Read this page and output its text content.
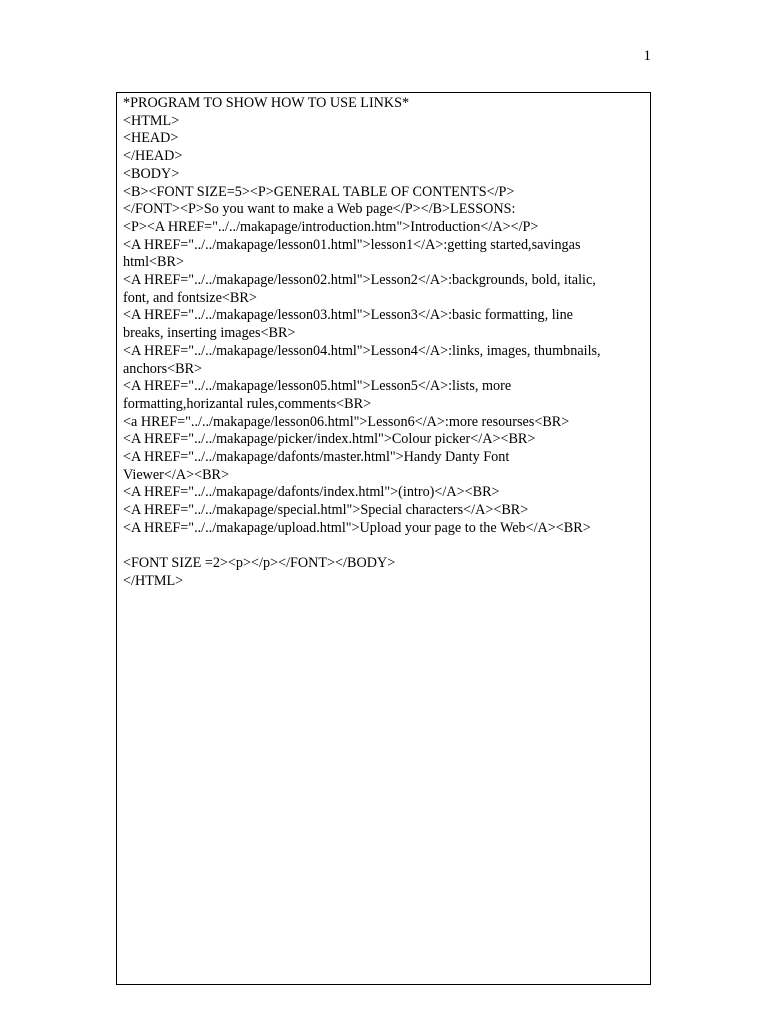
1
*PROGRAM TO SHOW HOW TO USE LINKS*
<HTML>
<HEAD>
</HEAD>
<BODY>
<B><FONT SIZE=5><P>GENERAL TABLE OF CONTENTS</P>
</FONT><P>So you want to make a Web page</P></B>LESSONS:
<P><A HREF="../../makapage/introduction.htm">Introduction</A></P>
<A HREF="../../makapage/lesson01.html">lesson1</A>:getting started,savingas
html<BR>
<A HREF="../../makapage/lesson02.html">Lesson2</A>:backgrounds, bold, italic,
font, and fontsize<BR>
<A HREF="../../makapage/lesson03.html">Lesson3</A>:basic formatting, line
breaks, inserting images<BR>
<A HREF="../../makapage/lesson04.html">Lesson4</A>:links, images, thumbnails,
anchors<BR>
<A HREF="../../makapage/lesson05.html">Lesson5</A>:lists, more
formatting,horizantal rules,comments<BR>
<a HREF="../../makapage/lesson06.html">Lesson6</A>:more resourses<BR>
<A HREF="../../makapage/picker/index.html">Colour picker</A><BR>
<A HREF="../../makapage/dafonts/master.html">Handy Danty Font
Viewer</A><BR>
<A HREF="../../makapage/dafonts/index.html">(intro)</A><BR>
<A HREF="../../makapage/special.html">Special characters</A><BR>
<A HREF="../../makapage/upload.html">Upload your page to the Web</A><BR>
<FONT SIZE =2><p></p></FONT></BODY>
</HTML>
